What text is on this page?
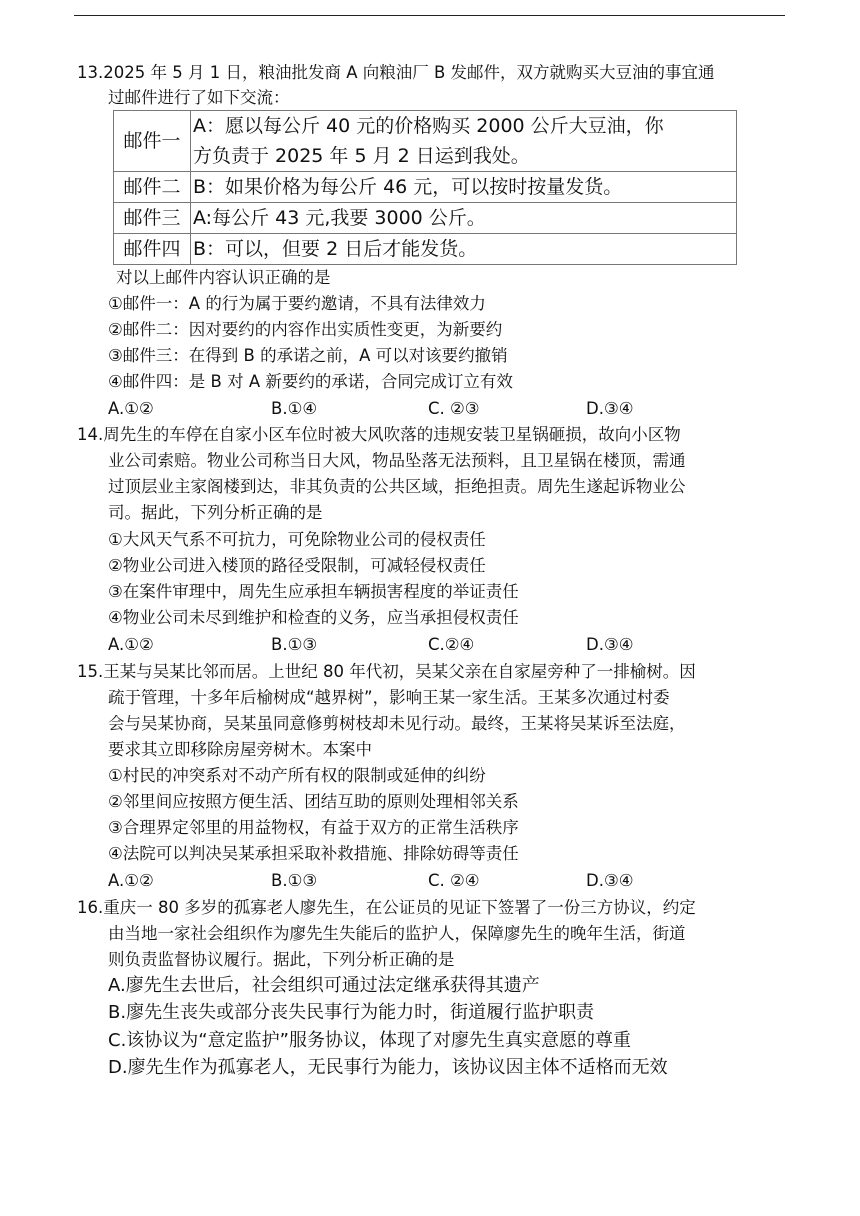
13.2025 年 5 月 1 日，粮油批发商 A 向粮油厂 B 发邮件，双方就购买大豆油的事宜通
过邮件进行了如下交流：
邮件一	A：愿以每公斤 40 元的价格购买 2000 公斤大豆油，你
方负责于 2025 年 5 月 2 日运到我处。

邮件二	B：如果价格为每公斤 46 元，可以按时按量发货。
邮件三	A:每公斤 43 元,我要 3000 公斤。
邮件四	B：可以，但要 2 日后才能发货。
对以上邮件内容认识正确的是
①邮件一：A 的行为属于要约邀请，不具有法律效力
②邮件二：因对要约的内容作出实质性变更，为新要约
③邮件三：在得到 B 的承诺之前，A 可以对该要约撤销
④邮件四：是 B 对 A 新要约的承诺，合同完成订立有效
A.①②	B.①④	C. ②③	D.③④
14.周先生的车停在自家小区车位时被大风吹落的违规安装卫星锅砸损，故向小区物
业公司索赔。物业公司称当日大风，物品坠落无法预料，且卫星锅在楼顶，需通
过顶层业主家阁楼到达，非其负责的公共区域，拒绝担责。周先生遂起诉物业公
司。据此，下列分析正确的是
①大风天气系不可抗力，可免除物业公司的侵权责任
②物业公司进入楼顶的路径受限制，可减轻侵权责任
③在案件审理中，周先生应承担车辆损害程度的举证责任
④物业公司未尽到维护和检查的义务，应当承担侵权责任
A.①②	B.①③	C.②④	D.③④
15.王某与吴某比邻而居。上世纪 80 年代初，吴某父亲在自家屋旁种了一排榆树。因
疏于管理，十多年后榆树成“越界树”，影响王某一家生活。王某多次通过村委
会与吴某协商，吴某虽同意修剪树枝却未见行动。最终，王某将吴某诉至法庭，
要求其立即移除房屋旁树木。本案中
①村民的冲突系对不动产所有权的限制或延伸的纠纷
②邻里间应按照方便生活、团结互助的原则处理相邻关系
③合理界定邻里的用益物权，有益于双方的正常生活秩序
④法院可以判决吴某承担采取补救措施、排除妨碍等责任
A.①②	B.①③	C. ②④	D.③④
16.重庆一 80 多岁的孤寡老人廖先生，在公证员的见证下签署了一份三方协议，约定
由当地一家社会组织作为廖先生失能后的监护人，保障廖先生的晚年生活，街道
则负责监督协议履行。据此，下列分析正确的是
A.廖先生去世后，社会组织可通过法定继承获得其遗产
B.廖先生丧失或部分丧失民事行为能力时，街道履行监护职责
C.该协议为“意定监护”服务协议，体现了对廖先生真实意愿的尊重
D.廖先生作为孤寡老人，无民事行为能力，该协议因主体不适格而无效
